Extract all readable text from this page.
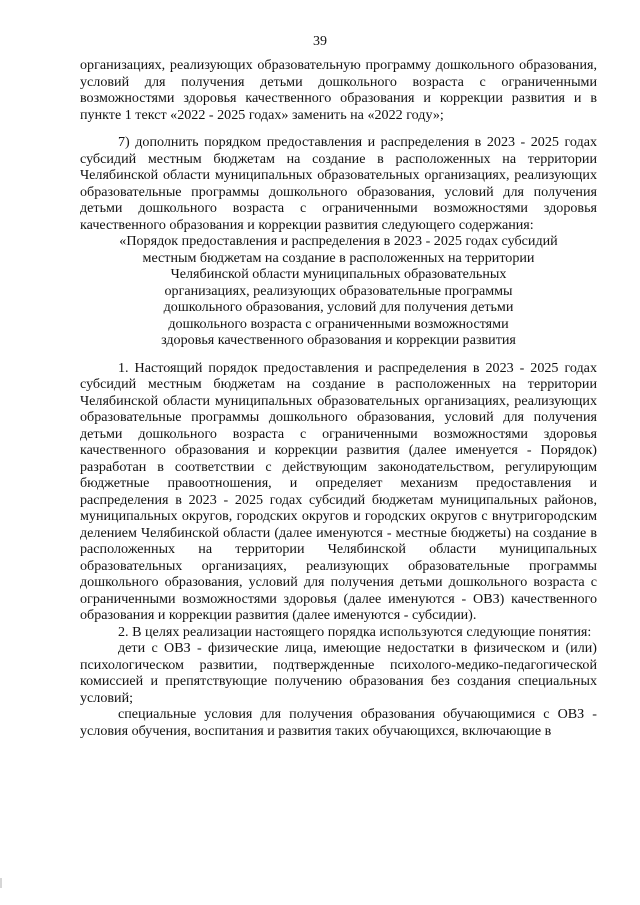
39

организациях, реализующих образовательную программу дошкольного образования, условий для получения детьми дошкольного возраста с ограниченными возможностями здоровья качественного образования и коррекции развития и в пункте 1 текст «2022 - 2025 годах» заменить на «2022 году»;

7) дополнить порядком предоставления и распределения в 2023 - 2025 годах субсидий местным бюджетам на создание в расположенных на территории Челябинской области муниципальных образовательных организациях, реализующих образовательные программы дошкольного образования, условий для получения детьми дошкольного возраста с ограниченными возможностями здоровья качественного образования и коррекции развития следующего содержания:

«Порядок предоставления и распределения в 2023 - 2025 годах субсидий
местным бюджетам на создание в расположенных на территории
Челябинской области муниципальных образовательных
организациях, реализующих образовательные программы
дошкольного образования, условий для получения детьми
дошкольного возраста с ограниченными возможностями
здоровья качественного образования и коррекции развития

1. Настоящий порядок предоставления и распределения в 2023 - 2025 годах субсидий местным бюджетам на создание в расположенных на территории Челябинской области муниципальных образовательных организациях, реализующих образовательные программы дошкольного образования, условий для получения детьми дошкольного возраста с ограниченными возможностями здоровья качественного образования и коррекции развития (далее именуется - Порядок) разработан в соответствии с действующим законодательством, регулирующим бюджетные правоотношения, и определяет механизм предоставления и распределения в 2023 - 2025 годах субсидий бюджетам муниципальных районов, муниципальных округов, городских округов и городских округов с внутригородским делением Челябинской области (далее именуются - местные бюджеты) на создание в расположенных на территории Челябинской области муниципальных образовательных организациях, реализующих образовательные программы дошкольного образования, условий для получения детьми дошкольного возраста с ограниченными возможностями здоровья (далее именуются - ОВЗ) качественного образования и коррекции развития (далее именуются - субсидии).

2. В целях реализации настоящего порядка используются следующие понятия:

дети с ОВЗ - физические лица, имеющие недостатки в физическом и (или) психологическом развитии, подтвержденные психолого-медико-педагогической комиссией и препятствующие получению образования без создания специальных условий;

специальные условия для получения образования обучающимися с ОВЗ - условия обучения, воспитания и развития таких обучающихся, включающие в
